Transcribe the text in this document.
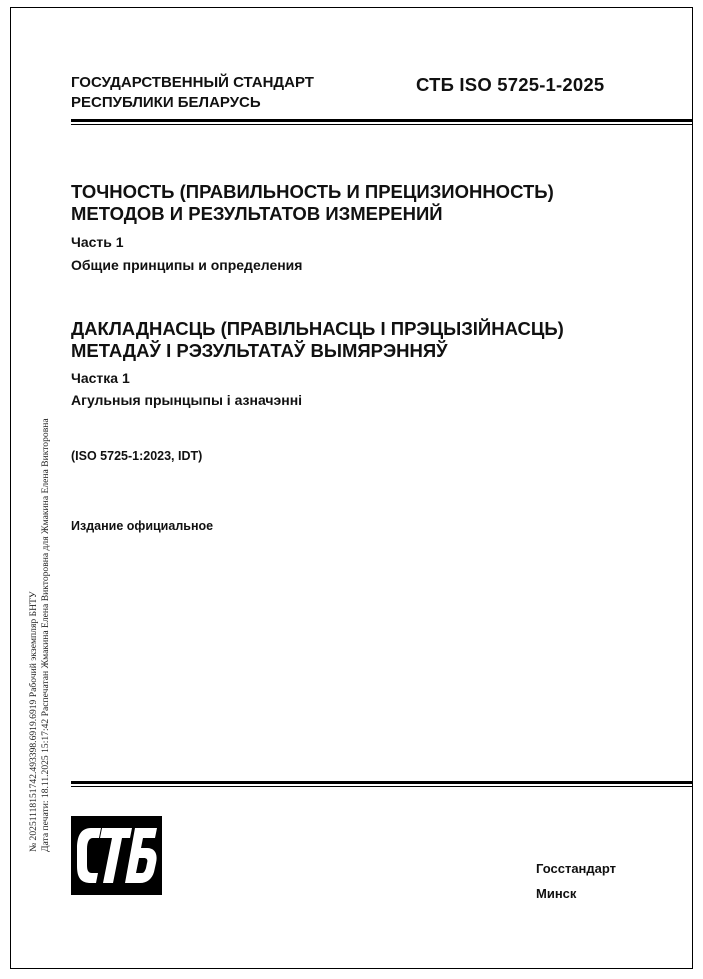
ГОСУДАРСТВЕННЫЙ СТАНДАРТ
РЕСПУБЛИКИ БЕЛАРУСЬ
СТБ ISO 5725-1-2025
ТОЧНОСТЬ (ПРАВИЛЬНОСТЬ И ПРЕЦИЗИОННОСТЬ)
МЕТОДОВ И РЕЗУЛЬТАТОВ ИЗМЕРЕНИЙ
Часть 1
Общие принципы и определения
ДАКЛАДНАСЦЬ (ПРАВІЛЬНАСЦЬ І ПРЭЦЫЗІЙНАСЦЬ)
МЕТАДАЎ І РЭЗУЛЬТАТАЎ ВЫМЯРЭННЯЎ
Частка 1
Агульныя прынцыпы і азначэнні
(ISO 5725-1:2023, IDT)
Издание официальное
№ 20251118151742.493398.6919.6919 Рабочий экземпляр БНТУ Дата печати: 18.11.2025 15:17:42 Распечатан Жмакина Елена Викторовна для Жмакина Елена Викторовна
Госстандарт
Минск
